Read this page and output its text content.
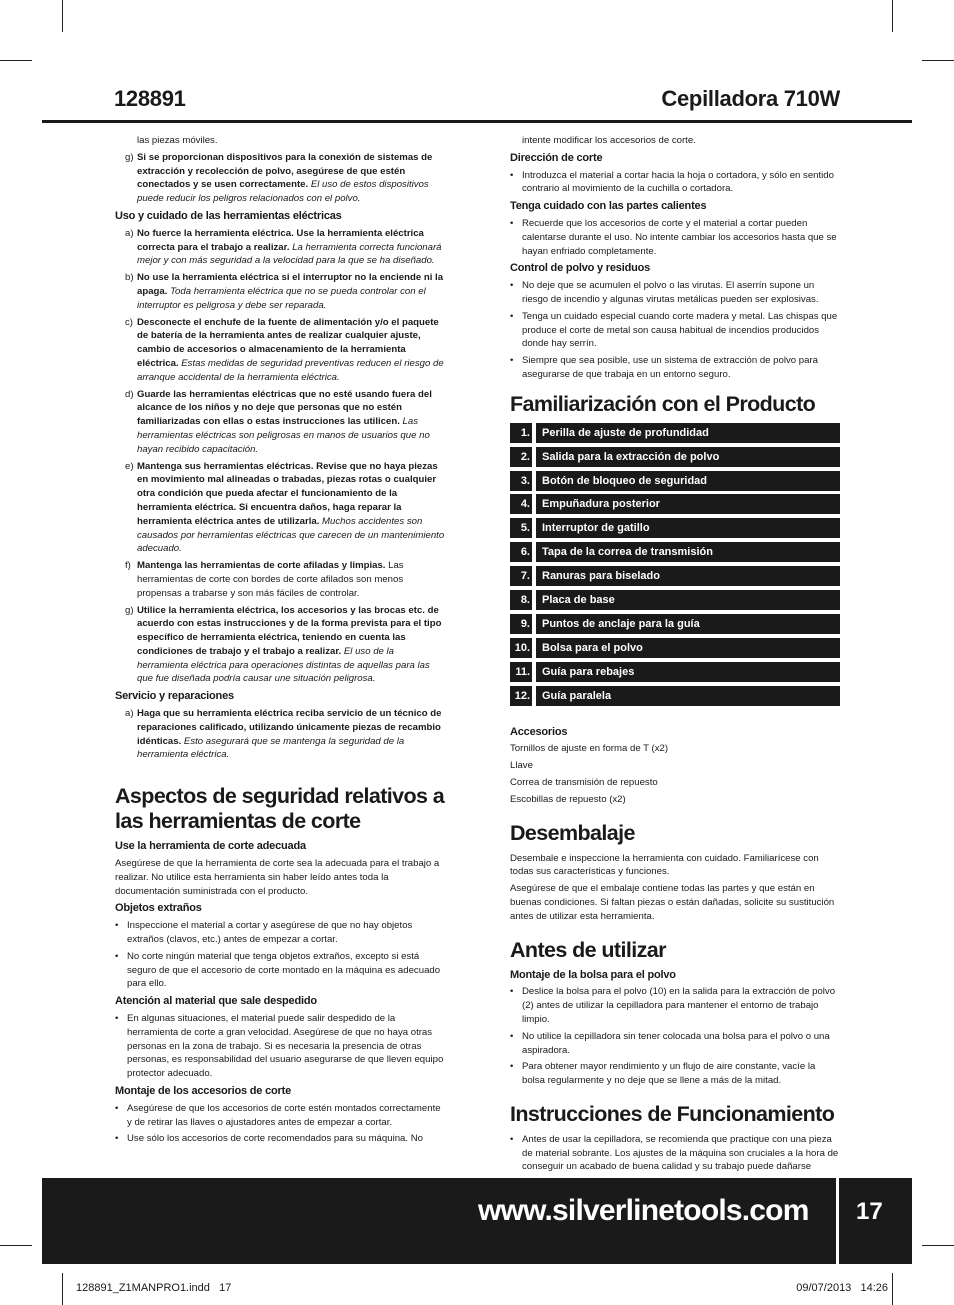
128891	Cepilladora 710W

las piezas móviles.

g) Si se proporcionan dispositivos para la conexión de sistemas de extracción y recolección de polvo, asegúrese de que estén conectados y se usen correctamente. El uso de estos dispositivos puede reducir los peligros relacionados con el polvo.
Uso y cuidado de las herramientas eléctricas
a) No fuerce la herramienta eléctrica. Use la herramienta eléctrica correcta para el trabajo a realizar. La herramienta correcta funcionará mejor y con más seguridad a la velocidad para la que se ha diseñado.
b) No use la herramienta eléctrica si el interruptor no la enciende ni la apaga. Toda herramienta eléctrica que no se pueda controlar con el interruptor es peligrosa y debe ser reparada.
c) Desconecte el enchufe de la fuente de alimentación y/o el paquete de batería de la herramienta antes de realizar cualquier ajuste, cambio de accesorios o almacenamiento de la herramienta eléctrica. Estas medidas de seguridad preventivas reducen el riesgo de arranque accidental de la herramienta eléctrica.
d) Guarde las herramientas eléctricas que no esté usando fuera del alcance de los niños y no deje que personas que no estén familiarizadas con ellas o estas instrucciones las utilicen. Las herramientas eléctricas son peligrosas en manos de usuarios que no hayan recibido capacitación.
e) Mantenga sus herramientas eléctricas. Revise que no haya piezas en movimiento mal alineadas o trabadas, piezas rotas o cualquier otra condición que pueda afectar el funcionamiento de la herramienta eléctrica. Si encuentra daños, haga reparar la herramienta eléctrica antes de utilizarla. Muchos accidentes son causados por herramientas eléctricas que carecen de un mantenimiento adecuado.
f) Mantenga las herramientas de corte afiladas y limpias. Las herramientas de corte con bordes de corte afilados son menos propensas a trabarse y son más fáciles de controlar.
g) Utilice la herramienta eléctrica, los accesorios y las brocas etc. de acuerdo con estas instrucciones y de la forma prevista para el tipo específico de herramienta eléctrica, teniendo en cuenta las condiciones de trabajo y el trabajo a realizar. El uso de la herramienta eléctrica para operaciones distintas de aquellas para las que fue diseñada podría causar une situación peligrosa.
Servicio y reparaciones
a) Haga que su herramienta eléctrica reciba servicio de un técnico de reparaciones calificado, utilizando únicamente piezas de recambio idénticas. Esto asegurará que se mantenga la seguridad de la herramienta eléctrica.
Aspectos de seguridad relativos a las herramientas de corte
Use la herramienta de corte adecuada

Asegúrese de que la herramienta de corte sea la adecuada para el trabajo a realizar. No utilice esta herramienta sin haber leído antes toda la documentación suministrada con el producto.

Objetos extraños
• Inspeccione el material a cortar y asegúrese de que no hay objetos extraños (clavos, etc.) antes de empezar a cortar.
• No corte ningún material que tenga objetos extraños, excepto si está seguro de que el accesorio de corte montado en la máquina es adecuado para ello.
Atención al material que sale despedido
• En algunas situaciones, el material puede salir despedido de la herramienta de corte a gran velocidad. Asegúrese de que no haya otras personas en la zona de trabajo. Si es necesaria la presencia de otras personas, es responsabilidad del usuario asegurarse de que lleven equipo protector adecuado.
Montaje de los accesorios de corte
• Asegúrese de que los accesorios de corte estén montados correctamente y de retirar las llaves o ajustadores antes de empezar a cortar.
• Use sólo los accesorios de corte recomendados para su máquina. No

intente modificar los accesorios de corte.

Dirección de corte
• Introduzca el material a cortar hacia la hoja o cortadora, y sólo en sentido contrario al movimiento de la cuchilla o cortadora.
Tenga cuidado con las partes calientes
• Recuerde que los accesorios de corte y el material a cortar pueden calentarse durante el uso. No intente cambiar los accesorios hasta que se hayan enfriado completamente.
Control de polvo y residuos
• No deje que se acumulen el polvo o las virutas. El aserrín supone un riesgo de incendio y algunas virutas metálicas pueden ser explosivas.
• Tenga un cuidado especial cuando corte madera y metal. Las chispas que produce el corte de metal son causa habitual de incendios producidos donde hay serrín.
• Siempre que sea posible, use un sistema de extracción de polvo para asegurarse de que trabaja en un entorno seguro.
Familiarización con el Producto
1.	Perilla de ajuste de profundidad
2.	Salida para la extracción de polvo
3.	Botón de bloqueo de seguridad
4.	Empuñadura posterior
5.	Interruptor de gatillo
6.	Tapa de la correa de transmisión
7.	Ranuras para biselado
8.	Placa de base
9.	Puntos de anclaje para la guía
10.	Bolsa para el polvo
11.	Guía para rebajes
12.	Guía paralela
Accesorios

Tornillos de ajuste en forma de T (x2)

Llave

Correa de transmisión de repuesto

Escobillas de repuesto (x2)

Desembalaje

Desembale e inspeccione la herramienta con cuidado. Familiarícese con todas sus características y funciones.

Asegúrese de que el embalaje contiene todas las partes y que están en buenas condiciones. Si faltan piezas o están dañadas, solicite su sustitución antes de utilizar esta herramienta.

Antes de utilizar
Montaje de la bolsa para el polvo
• Deslice la bolsa para el polvo (10) en la salida para la extracción de polvo (2) antes de utilizar la cepilladora para mantener el entorno de trabajo limpio.
• No utilice la cepilladora sin tener colocada una bolsa para el polvo o una aspiradora.
• Para obtener mayor rendimiento y un flujo de aire constante, vacíe la bolsa regularmente y no deje que se llene a más de la mitad.
Instrucciones de Funcionamiento
• Antes de usar la cepilladora, se recomienda que practique con una pieza de material sobrante. Los ajustes de la máquina son cruciales a la hora de conseguir un acabado de buena calidad y su trabajo puede dañarse
www.silverlinetools.com 17
128891_Z1MANPRO1.indd   17	09/07/2013   14:26
